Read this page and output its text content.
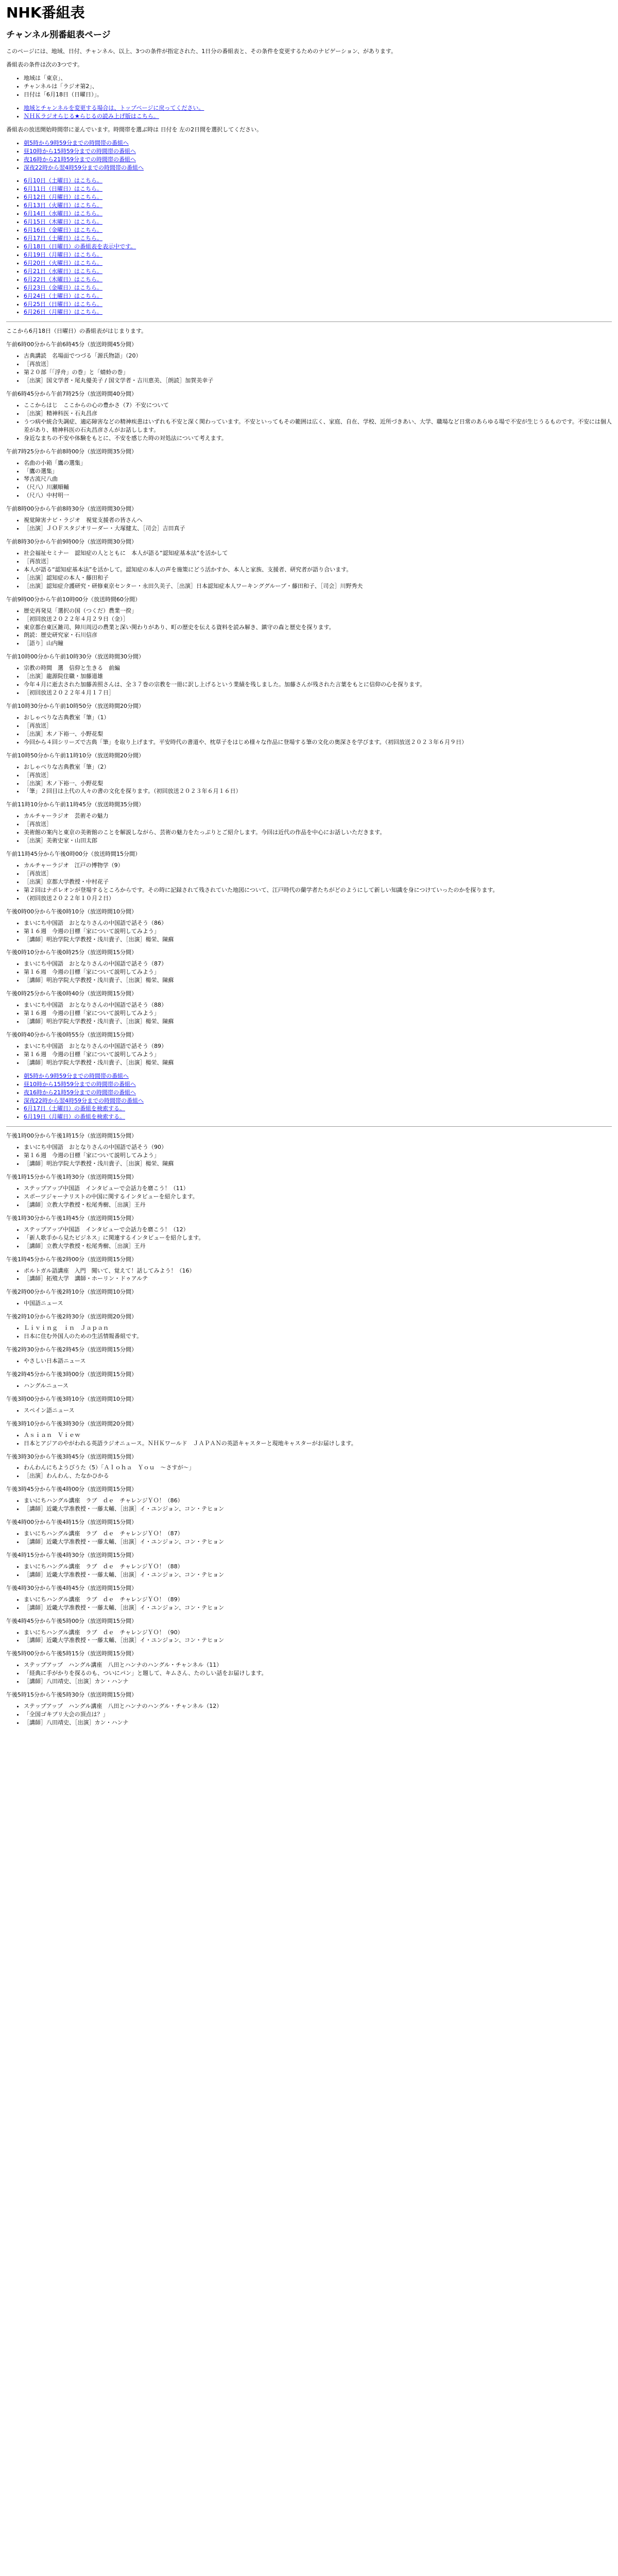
NHK番組表
チャンネル別番組表ページ

このページには、地域、日付、チャンネル、以上、3つの条件が指定された、1日分の番組表と、その条件を変更するためのナビゲーション、があります。

番組表の条件は次の3つです。

• 地域は「東京」、
• チャンネルは「ラジオ第2」、
• 日付は「6月18日（日曜日）」。
• 地域とチャンネルを変更する場合は、トップページに戻ってください。
• ＮＨＫラジオらじる★らじるの読み上げ版はこちら。

番組表の放送開始時間帯に並んでいます。時間帯を選ぶ時は 日付を 左の2日間を選択してください。

• 朝5時から9時59分までの時間帯の番組へ
• 昼10時から15時59分までの時間帯の番組へ
• 夜16時から21時59分までの時間帯の番組へ
• 深夜22時から翌4時59分までの時間帯の番組へ
• 6月10日（土曜日）はこちら。
• 6月11日（日曜日）はこちら。
• 6月12日（月曜日）はこちら。
• 6月13日（火曜日）はこちら。
• 6月14日（水曜日）はこちら。
• 6月15日（木曜日）はこちら。
• 6月16日（金曜日）はこちら。
• 6月17日（土曜日）はこちら。
• 6月18日（日曜日）の番組表を表示中です。
• 6月19日（月曜日）はこちら。
• 6月20日（火曜日）はこちら。
• 6月21日（水曜日）はこちら。
• 6月22日（木曜日）はこちら。
• 6月23日（金曜日）はこちら。
• 6月24日（土曜日）はこちら。
• 6月25日（日曜日）はこちら。
• 6月26日（月曜日）はこちら。

ここから6月18日（日曜日）の番組表がはじまります。

午前6時00分から午前6時45分（放送時間45分間）

• 古典講読　名場面でつづる「源氏物語」（20）
• ［再放送］
• 第２０部「「浮舟」の巻」と「蜻蛉の巻」
• ［出演］国文学者・尾丸優美子 / 国文学者・吉川恵美、［朗読］加賀美幸子

午前6時45分から午前7時25分（放送時間40分間）

• ここからはじ　ここからの心の豊かさ（7）不安について
• ［出演］精神科医・石丸昌彦
• うつ病や統合失調症、適応障害などの精神疾患はいずれも不安と深く関わっています。不安といってもその範囲は広く、家庭、自在、学校、近所づきあい、大学、職場など日常のあらゆる場で不安が生じうるものです。不安には個人差があり、精神科医の石丸昌彦さんがお話しします。
• 身近なまちの不安や体験をもとに、不安を感じた時の対処法について考えます。

午前7時25分から午前8時00分（放送時間35分間）

• 名曲の小箱「鷹の選集」
• 「鷹の選集」
• 琴古流尺八曲
• （尺八）川瀬順輔
• （尺八）中村明一

午前8時00分から午前8時30分（放送時間30分間）

• 視覚障害ナビ・ラジオ　視覚支援者の皆さんへ
• ［出演］ＪＯＦスタジオリーダー・大塚健太、［司会］吉田真子

午前8時30分から午前9時00分（放送時間30分間）

• 社会福祉セミナー　認知症の人とともに　本人が語る“認知症基本法”を活かして
• ［再放送］
• 本人が語る“認知症基本法”を活かして。認知症の本人の声を施策にどう活かすか、本人と家族、支援者、研究者が語り合います。
• ［出演］認知症の本人・藤田和子
• ［出演］認知症介護研究・研修東京センター・永田久美子、［出演］日本認知症本人ワーキンググループ・藤田和子、［司会］川野秀夫

午前9時00分から午前10時00分（放送時間60分間）

• 歴史再発見「選択の国（つくだ）農業一揆」
• ［初回放送２０２２年４月２９日（金）］
• 東京都台東区雑司、陣川周辺の農業と深い関わりがあり、町の歴史を伝える資料を読み解き、鎮守の森と歴史を探ります。
• 朗読：歴史研究家・石川信彦
• ［語り］山内瞳

午前10時00分から午前10時30分（放送時間30分間）

• 宗教の時間　選　信仰と生きる　前編
• ［出演］龍源院住職・加藤道雄
• 今年４月に逝去された加藤善照さんは、全３７巻の宗教を一冊に訳し上げるという業績を残しました。加藤さんが残された言葉をもとに信仰の心を探ります。
• ［初回放送２０２２年４月１７日］

午前10時30分から午前10時50分（放送時間20分間）

• おしゃべりな古典教室「筆」（1）
• ［再放送］
• ［出演］木ノ下裕一、小野花梨
• 今回から４回シリーズで古典「筆」を取り上げます。平安時代の書道や、枕草子をはじめ様々な作品に登場する筆の文化の奥深さを学びます。（初回放送２０２３年６月９日）

午前10時50分から午前11時10分（放送時間20分間）

• おしゃべりな古典教室「筆」（2）
• ［再放送］
• ［出演］木ノ下裕一、小野花梨
• 「筆」２回目は上代の人々の書の文化を探ります。（初回放送２０２３年６月１６日）

午前11時10分から午前11時45分（放送時間35分間）

• カルチャーラジオ　芸術その魅力
• ［再放送］
• 美術館の案内と東京の美術館のことを解説しながら、芸術の魅力をたっぷりとご紹介します。今回は近代の作品を中心にお話しいただきます。
• ［出演］美術史家・山田太郎

午前11時45分から午後0時00分（放送時間15分間）

• カルチャーラジオ　江戸の博物学（9）
• ［再放送］
• ［出演］京都大学教授・中村花子
• 第２回はナポレオンが登場するところからです。その時に記録されて残されていた地図について、江戸時代の蘭学者たちがどのようにして新しい知識を身につけていったのかを探ります。
• （初回放送２０２２年１０月２日）

午後0時00分から午後0時10分（放送時間10分間）

• まいにち中国語　おとなりさんの中国語で話そう（86）
• 第１６週　今週の目標「家について説明してみよう」
• ［講師］明治学院大学教授・浅川貴子、［出演］楊栄、陳蘇

午後0時10分から午後0時25分（放送時間15分間）

• まいにち中国語　おとなりさんの中国語で話そう（87）
• 第１６週　今週の目標「家について説明してみよう」
• ［講師］明治学院大学教授・浅川貴子、［出演］楊栄、陳蘇

午後0時25分から午後0時40分（放送時間15分間）

• まいにち中国語　おとなりさんの中国語で話そう（88）
• 第１６週　今週の目標「家について説明してみよう」
• ［講師］明治学院大学教授・浅川貴子、［出演］楊栄、陳蘇

午後0時40分から午後0時55分（放送時間15分間）

• まいにち中国語　おとなりさんの中国語で話そう（89）
• 第１６週　今週の目標「家について説明してみよう」
• ［講師］明治学院大学教授・浅川貴子、［出演］楊栄、陳蘇
• 朝5時から9時59分までの時間帯の番組へ
• 昼10時から15時59分までの時間帯の番組へ
• 夜16時から21時59分までの時間帯の番組へ
• 深夜22時から翌4時59分までの時間帯の番組へ
• 6月17日（土曜日）の番組を検索する。
• 6月19日（月曜日）の番組を検索する。

午後1時00分から午後1時15分（放送時間15分間）

• まいにち中国語　おとなりさんの中国語で話そう（90）
• 第１６週　今週の目標「家について説明してみよう」
• ［講師］明治学院大学教授・浅川貴子、［出演］楊栄、陳蘇

午後1時15分から午後1時30分（放送時間15分間）

• ステップアップ中国語　インタビューで会話力を磨こう！（11）
• スポーツジャーナリストの中国に関するインタビューを紹介します。
• ［講師］立教大学教授・松尾秀樹、［出演］王丹

午後1時30分から午後1時45分（放送時間15分間）

• ステップアップ中国語　インタビューで会話力を磨こう！（12）
• 「新人歌手から見たビジネス」に関連するインタビューを紹介します。
• ［講師］立教大学教授・松尾秀樹、［出演］王丹

午後1時45分から午後2時00分（放送時間15分間）

• ポルトガル語講座　入門　聞いて、覚えて！話してみよう！（16）
• ［講師］拓殖大学　講師・ホーリン・ドゥアルテ

午後2時00分から午後2時10分（放送時間10分間）

• 中国語ニュース

午後2時10分から午後2時30分（放送時間20分間）

• Ｌｉｖｉｎｇ　ｉｎ　Ｊａｐａｎ
• 日本に住む外国人のための生活情報番組です。

午後2時30分から午後2時45分（放送時間15分間）

• やさしい日本語ニュース

午後2時45分から午後3時00分（放送時間15分間）

• ハングルニュース

午後3時00分から午後3時10分（放送時間10分間）

• スペイン語ニュース

午後3時10分から午後3時30分（放送時間20分間）

• Ａｓｉａｎ　Ｖｉｅｗ
• 日本とアジアのやがわれる英語ラジオニュース。ＮＨＫワールド　ＪＡＰＡＮの英語キャスターと現地キャスターがお届けします。

午後3時30分から午後3時45分（放送時間15分間）

• わんわんにちようびうた（5）「Ａｌｏｈａ　Ｙｏｕ　～さすが～」
• ［出演］わんわん、たなかひかる

午後3時45分から午後4時00分（放送時間15分間）

• まいにちハングル講座　ラブ　ｄｅ　チャレンジＹＯ！（86）
• ［講師］近畿大学准教授・一藤太輔、［出演］イ・ユンジョン、コン・テヒョン

午後4時00分から午後4時15分（放送時間15分間）

• まいにちハングル講座　ラブ　ｄｅ　チャレンジＹＯ！（87）
• ［講師］近畿大学准教授・一藤太輔、［出演］イ・ユンジョン、コン・テヒョン

午後4時15分から午後4時30分（放送時間15分間）

• まいにちハングル講座　ラブ　ｄｅ　チャレンジＹＯ！（88）
• ［講師］近畿大学准教授・一藤太輔、［出演］イ・ユンジョン、コン・テヒョン

午後4時30分から午後4時45分（放送時間15分間）

• まいにちハングル講座　ラブ　ｄｅ　チャレンジＹＯ！（89）
• ［講師］近畿大学准教授・一藤太輔、［出演］イ・ユンジョン、コン・テヒョン

午後4時45分から午後5時00分（放送時間15分間）

• まいにちハングル講座　ラブ　ｄｅ　チャレンジＹＯ！（90）
• ［講師］近畿大学准教授・一藤太輔、［出演］イ・ユンジョン、コン・テヒョン

午後5時00分から午後5時15分（放送時間15分間）

• ステップアップ　ハングル講座　八田とハンナのハングル・チャンネル（11）
• 「経典に手がかりを探るのも、ついにパン」と題して、キムさん、たのしい話をお届けします。
• ［講師］八田靖史、［出演］カン・ハンナ

午後5時15分から午後5時30分（放送時間15分間）

• ステップアップ　ハングル講座　八田とハンナのハングル・チャンネル（12）
• 「全国ゴキブリ大会の頂点は？」
• ［講師］八田靖史、［出演］カン・ハンナ
